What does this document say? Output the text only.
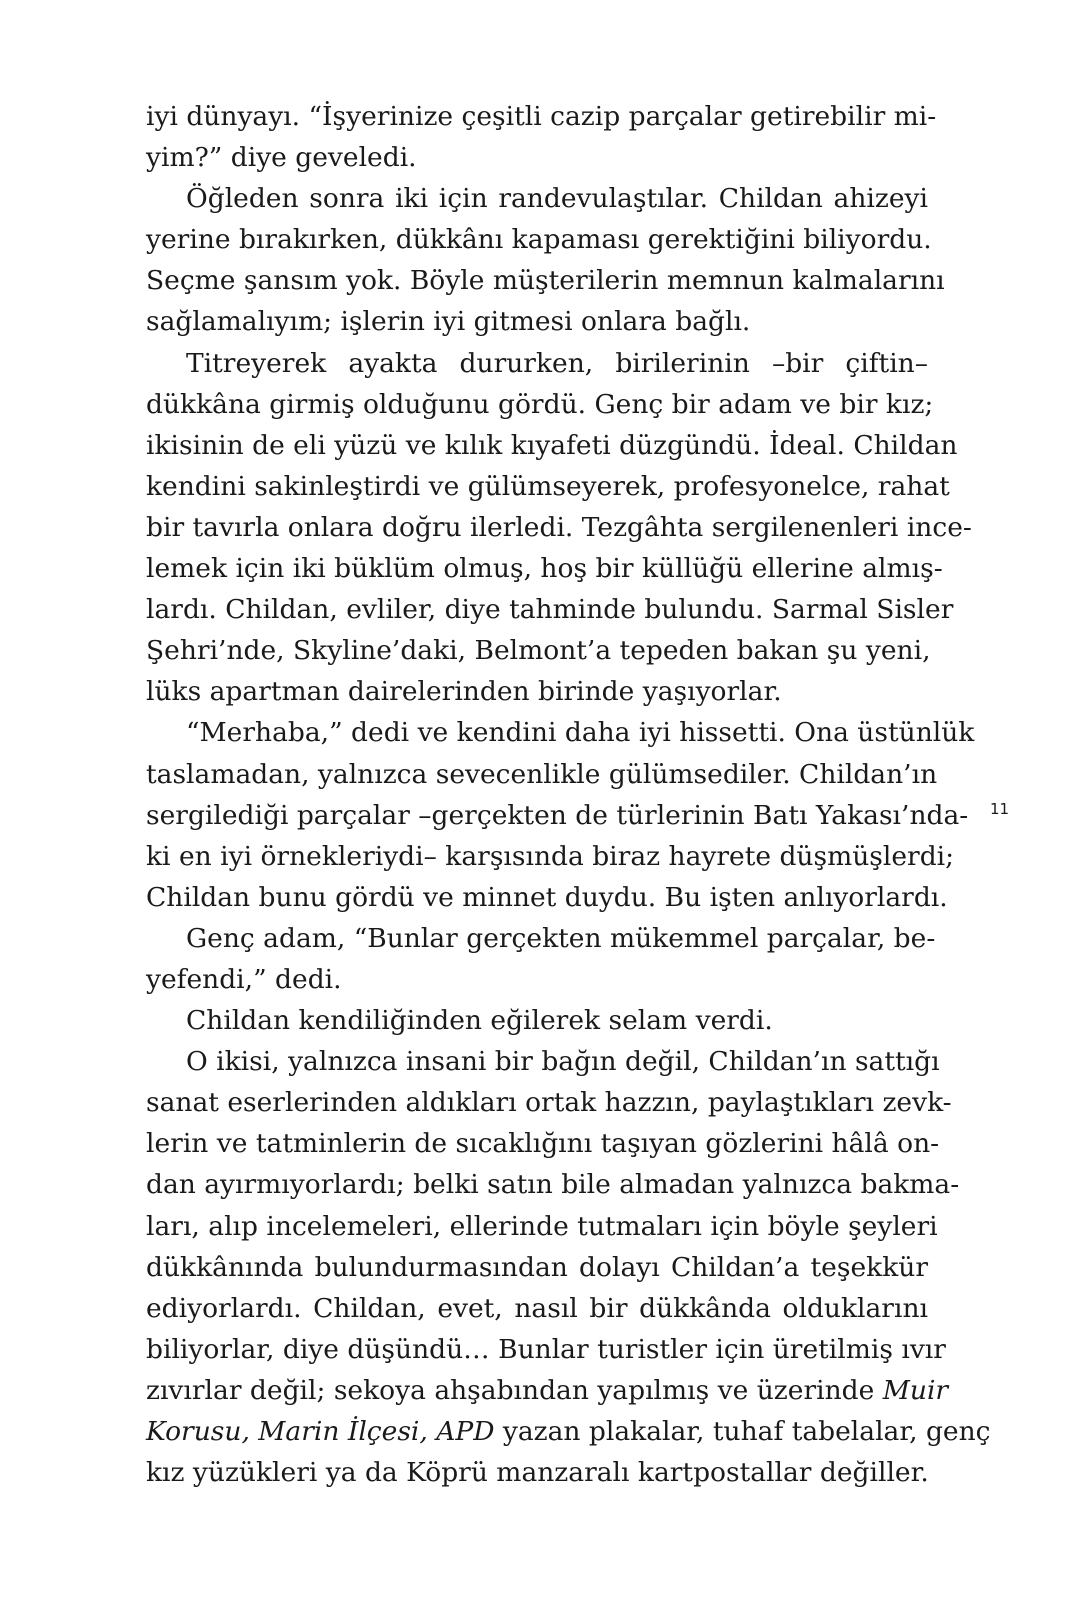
iyi dünyayı. “İşyerinize çeşitli cazip parçalar getirebilir mi-
yim?” diye geveledi.
Öğleden sonra iki için randevulaştılar. Childan ahizeyi
yerine bırakırken, dükkânı kapaması gerektiğini biliyordu.
Seçme şansım yok. Böyle müşterilerin memnun kalmalarını
sağlamalıyım; işlerin iyi gitmesi onlara bağlı.
Titreyerek ayakta dururken, birilerinin –bir çiftin–
dükkâna girmiş olduğunu gördü. Genç bir adam ve bir kız;
ikisinin de eli yüzü ve kılık kıyafeti düzgündü. İdeal. Childan
kendini sakinleştirdi ve gülümseyerek, profesyonelce, rahat
bir tavırla onlara doğru ilerledi. Tezgâhta sergilenenleri ince-
lemek için iki büklüm olmuş, hoş bir küllüğü ellerine almış-
lardı. Childan, evliler, diye tahminde bulundu. Sarmal Sisler
Şehri’nde, Skyline’daki, Belmont’a tepeden bakan şu yeni,
lüks apartman dairelerinden birinde yaşıyorlar.
“Merhaba,” dedi ve kendini daha iyi hissetti. Ona üstünlük
taslamadan, yalnızca sevecenlikle gülümsediler. Childan’ın
sergilediği parçalar –gerçekten de türlerinin Batı Yakası’nda-
ki en iyi örnekleriydi– karşısında biraz hayrete düşmüşlerdi;
Childan bunu gördü ve minnet duydu. Bu işten anlıyorlardı.
Genç adam, “Bunlar gerçekten mükemmel parçalar, be-
yefendi,” dedi.
Childan kendiliğinden eğilerek selam verdi.
O ikisi, yalnızca insani bir bağın değil, Childan’ın sattığı
sanat eserlerinden aldıkları ortak hazzın, paylaştıkları zevk-
lerin ve tatminlerin de sıcaklığını taşıyan gözlerini hâlâ on-
dan ayırmıyorlardı; belki satın bile almadan yalnızca bakma-
ları, alıp incelemeleri, ellerinde tutmaları için böyle şeyleri
dükkânında bulundurmasından dolayı Childan’a teşekkür
ediyorlardı. Childan, evet, nasıl bir dükkânda olduklarını
biliyorlar, diye düşündü… Bunlar turistler için üretilmiş ıvır
zıvırlar değil; sekoya ahşabından yapılmış ve üzerinde Muir
Korusu, Marin İlçesi, APD yazan plakalar, tuhaf tabelalar, genç
kız yüzükleri ya da Köprü manzaralı kartpostallar değiller.
11
